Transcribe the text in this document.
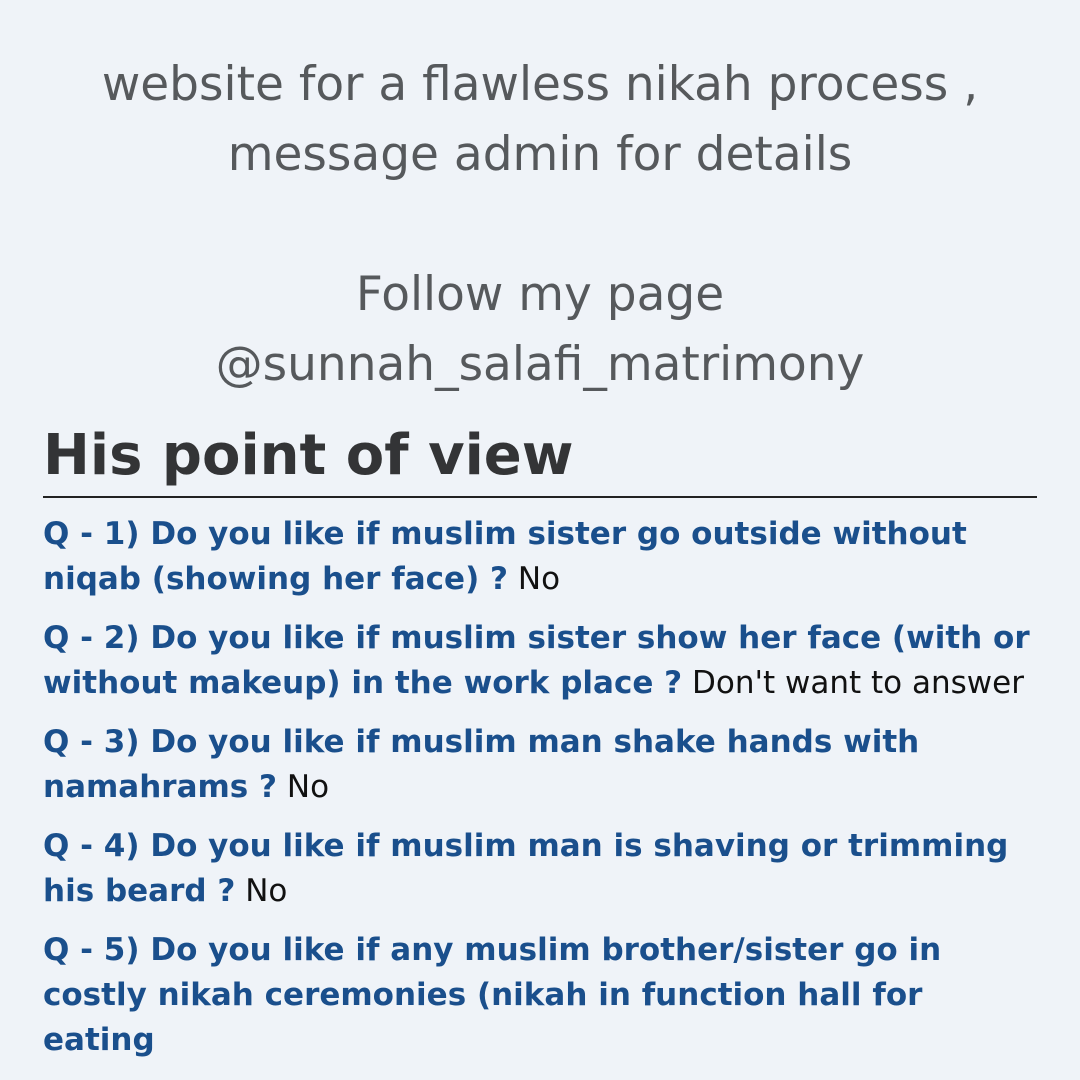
website for a flawless nikah process ,
message admin for details
Follow my page
@sunnah_salafi_matrimony
His point of view
Q - 1) Do you like if muslim sister go outside without niqab (showing her face) ? No
Q - 2) Do you like if muslim sister show her face (with or without makeup) in the work place ? Don't want to answer
Q - 3) Do you like if muslim man shake hands with namahrams ? No
Q - 4) Do you like if muslim man is shaving or trimming his beard ? No
Q - 5) Do you like if any muslim brother/sister go in costly nikah ceremonies (nikah in function hall for eating
